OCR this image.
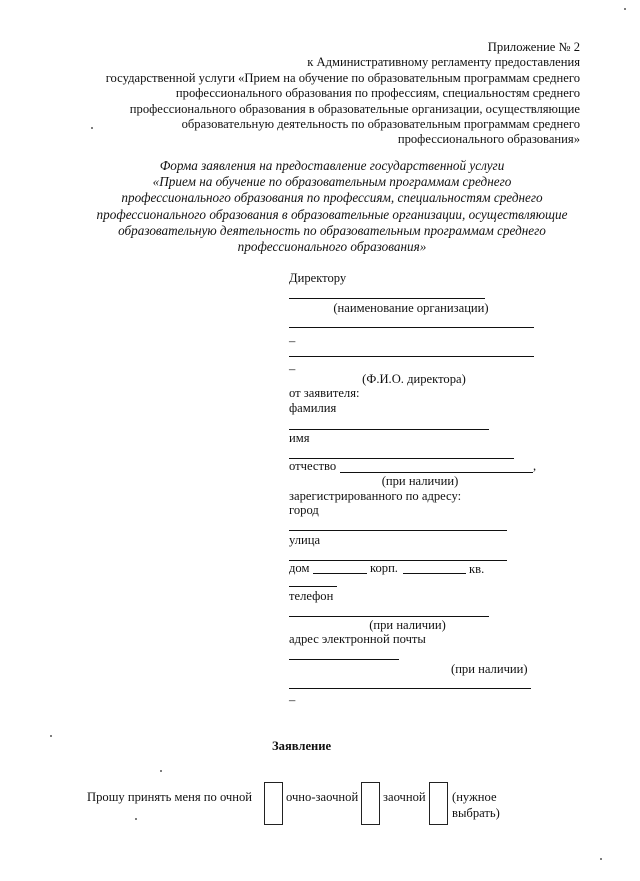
Приложение № 2

к Административному регламенту предоставления

государственной услуги «Прием на обучение по образовательным программам среднего

профессионального образования по профессиям, специальностям среднего

профессионального образования в образовательные организации, осуществляющие

образовательную деятельность по образовательным программам среднего

профессионального образования»

Форма заявления на предоставление государственной услуги

«Прием на обучение по образовательным программам среднего

профессионального образования по профессиям, специальностям среднего

профессионального образования в образовательные организации, осуществляющие

образовательную деятельность по образовательным программам среднего

профессионального образования»

Директору
(наименование организации)
–
–
(Ф.И.О. директора)
от заявителя:
фамилия
имя
отчество	,
(при наличии)
зарегистрированного по адресу:
город
улица
дом	корп.	кв.
телефон
(при наличии)
адрес электронной почты
(при наличии)
–
Заявление
Прошу принять меня по очной	очно-заочной заочной (нужное
выбрать)
